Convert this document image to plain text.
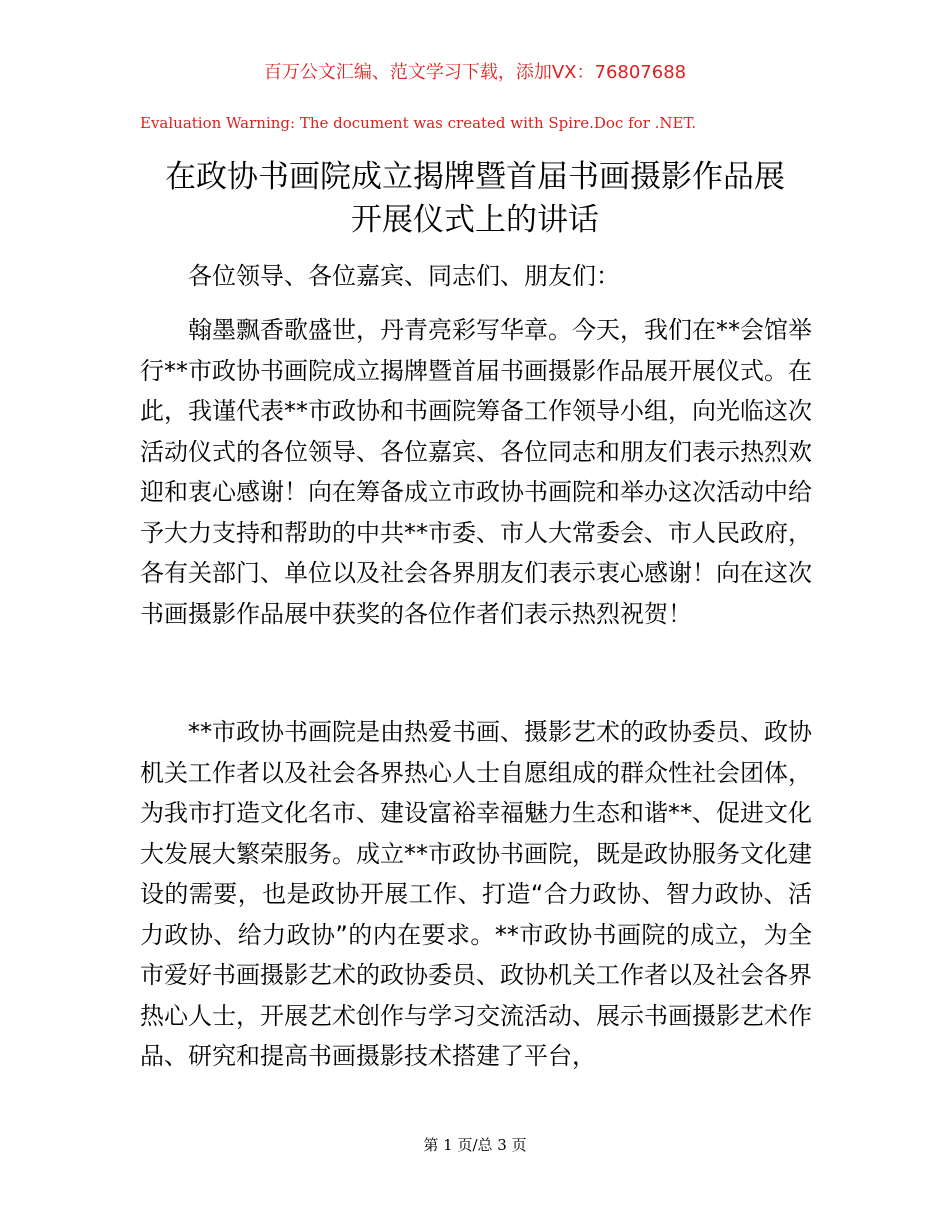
百万公文汇编、范文学习下载，添加VX：76807688
Evaluation Warning: The document was created with Spire.Doc for .NET.
在政协书画院成立揭牌暨首届书画摄影作品展
开展仪式上的讲话
各位领导、各位嘉宾、同志们、朋友们：
翰墨飘香歌盛世，丹青亮彩写华章。今天，我们在**会馆举行**市政协书画院成立揭牌暨首届书画摄影作品展开展仪式。在此，我谨代表**市政协和书画院筹备工作领导小组，向光临这次活动仪式的各位领导、各位嘉宾、各位同志和朋友们表示热烈欢迎和衷心感谢！向在筹备成立市政协书画院和举办这次活动中给予大力支持和帮助的中共**市委、市人大常委会、市人民政府，各有关部门、单位以及社会各界朋友们表示衷心感谢！向在这次书画摄影作品展中获奖的各位作者们表示热烈祝贺！
**市政协书画院是由热爱书画、摄影艺术的政协委员、政协机关工作者以及社会各界热心人士自愿组成的群众性社会团体，为我市打造文化名市、建设富裕幸福魅力生态和谐**、促进文化大发展大繁荣服务。成立**市政协书画院，既是政协服务文化建设的需要，也是政协开展工作、打造“合力政协、智力政协、活力政协、给力政协”的内在要求。**市政协书画院的成立，为全市爱好书画摄影艺术的政协委员、政协机关工作者以及社会各界热心人士，开展艺术创作与学习交流活动、展示书画摄影艺术作品、研究和提高书画摄影技术搭建了平台，
第 1 页/总 3 页
